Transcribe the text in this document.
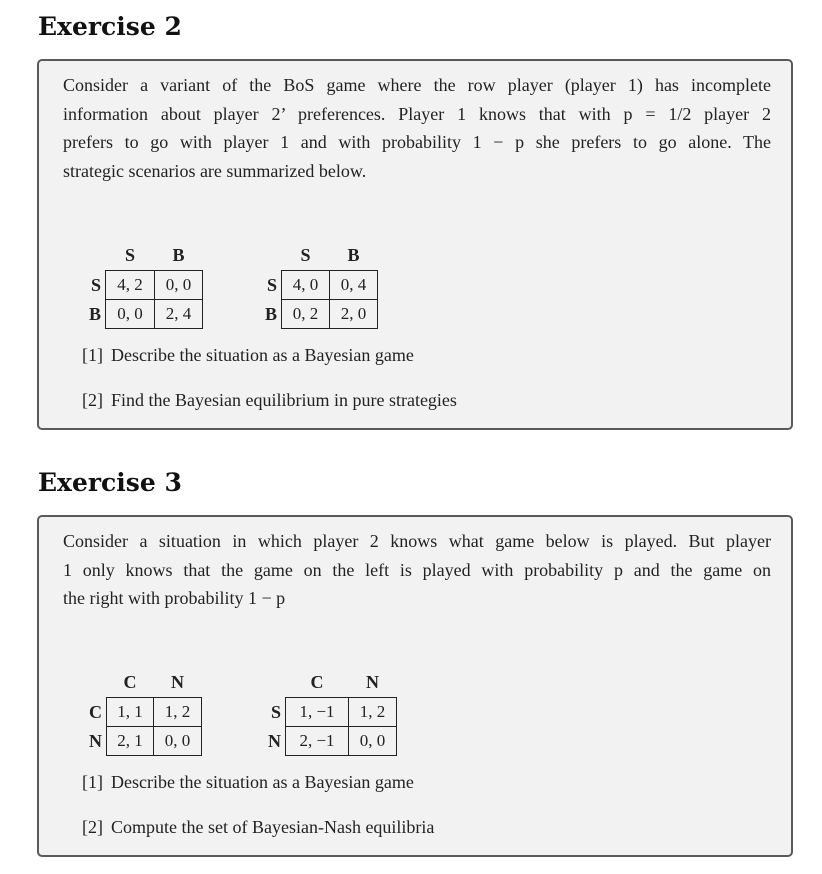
Exercise 2

Consider a variant of the BoS game where the row player (player 1) has incomplete
information about player 2’ preferences. Player 1 knows that with p = 1/2 player 2
prefers to go with player 1 and with probability 1 − p she prefers to go alone. The
strategic scenarios are summarized below.

	S	B
S	4, 2	0, 0
B	0, 0	2, 4
	S	B
S	4, 0	0, 4
B	0, 2	2, 0

[1] Describe the situation as a Bayesian game

[2] Find the Bayesian equilibrium in pure strategies

Exercise 3

Consider a situation in which player 2 knows what game below is played. But player
1 only knows that the game on the left is played with probability p and the game on
the right with probability 1 − p

	C	N
C	1, 1	1, 2
N	2, 1	0, 0
	C	N
S	1, −1	1, 2
N	2, −1	0, 0

[1] Describe the situation as a Bayesian game

[2] Compute the set of Bayesian-Nash equilibria
